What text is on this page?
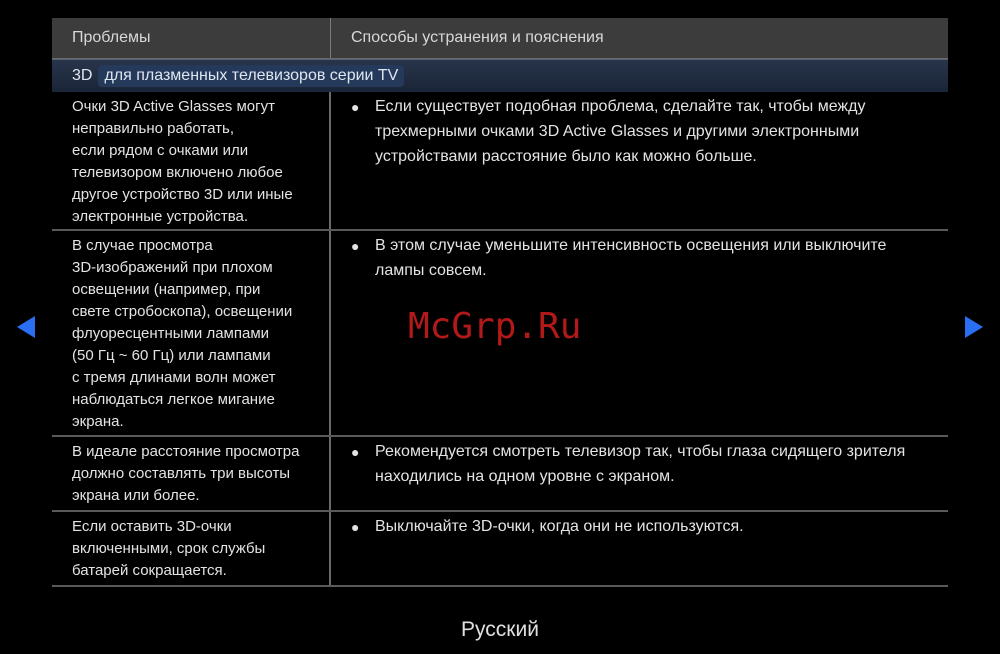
Проблемы	Способы устранения и пояснения
3D для плазменных телевизоров серии TV
Очки 3D Active Glasses могут
неправильно работать,
если рядом с очками или
телевизором включено любое
другое устройство 3D или иные
электронные устройства.
● Если существует подобная проблема, сделайте так, чтобы между трехмерными очками 3D Active Glasses и другими электронными устройствами расстояние было как можно больше.
В случае просмотра
3D-изображений при плохом
освещении (например, при
свете стробоскопа), освещении
флуоресцентными лампами
(50 Гц ~ 60 Гц) или лампами
с тремя длинами волн может
наблюдаться легкое мигание
экрана.
● В этом случае уменьшите интенсивность освещения или выключите лампы совсем.
В идеале расстояние просмотра
должно составлять три высоты
экрана или более.
● Рекомендуется смотреть телевизор так, чтобы глаза сидящего зрителя находились на одном уровне с экраном.
Если оставить 3D-очки
включенными, срок службы
батарей сокращается.
● Выключайте 3D-очки, когда они не используются.
McGrp.Ru
Русский
